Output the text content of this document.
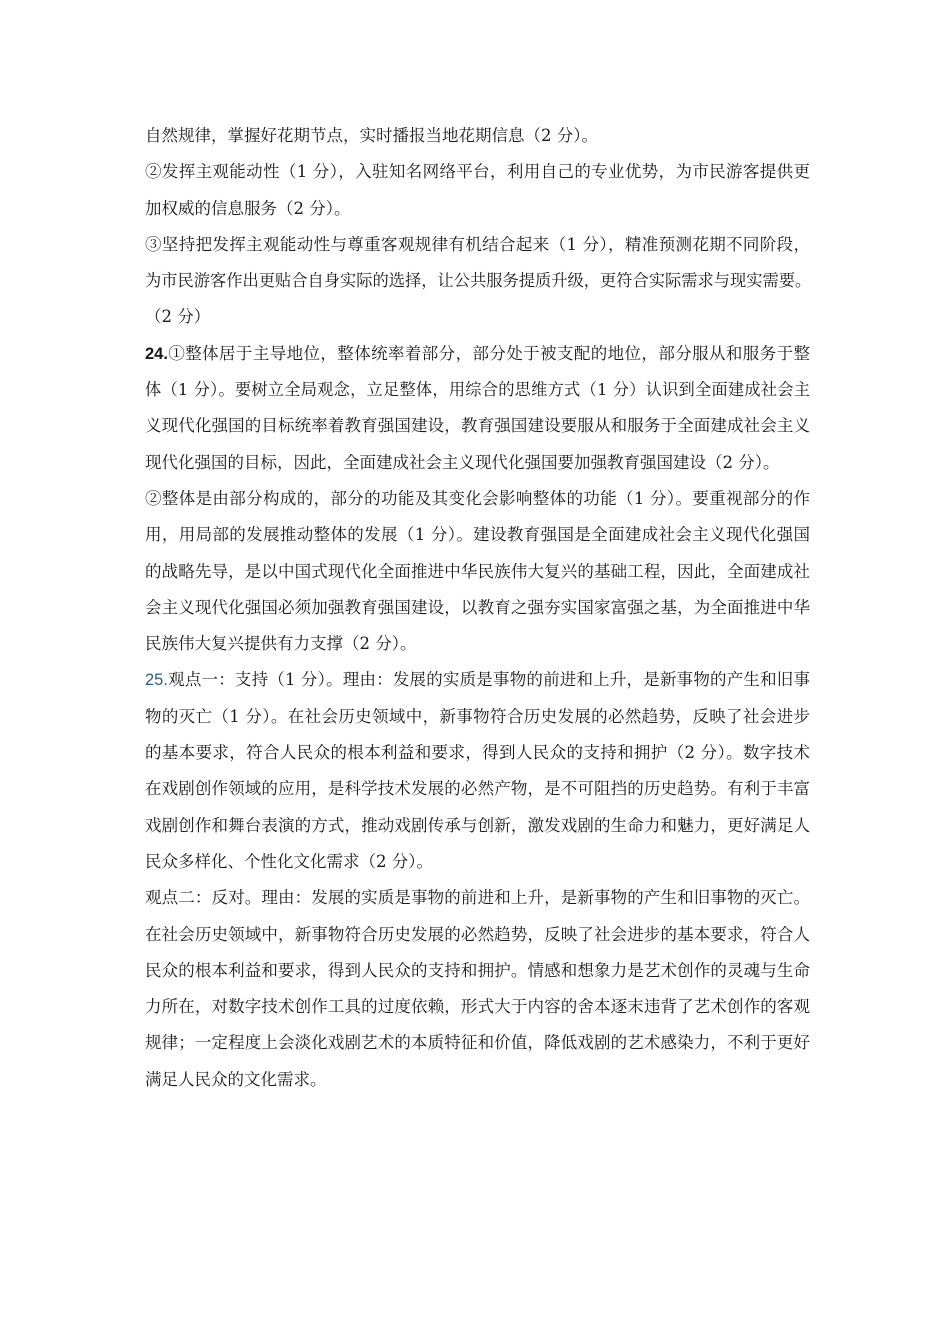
自然规律，掌握好花期节点，实时播报当地花期信息（2 分）。
②发挥主观能动性（1 分），入驻知名网络平台，利用自己的专业优势，为市民游客提供更
加权威的信息服务（2 分）。
③坚持把发挥主观能动性与尊重客观规律有机结合起来（1 分），精准预测花期不同阶段，
为市民游客作出更贴合自身实际的选择，让公共服务提质升级，更符合实际需求与现实需要。
（2 分）
24.①整体居于主导地位，整体统率着部分，部分处于被支配的地位，部分服从和服务于整
体（1 分）。要树立全局观念，立足整体，用综合的思维方式（1 分）认识到全面建成社会主
义现代化强国的目标统率着教育强国建设，教育强国建设要服从和服务于全面建成社会主义
现代化强国的目标，因此，全面建成社会主义现代化强国要加强教育强国建设（2 分）。
②整体是由部分构成的，部分的功能及其变化会影响整体的功能（1 分）。要重视部分的作
用，用局部的发展推动整体的发展（1 分）。建设教育强国是全面建成社会主义现代化强国
的战略先导，是以中国式现代化全面推进中华民族伟大复兴的基础工程，因此，全面建成社
会主义现代化强国必须加强教育强国建设，以教育之强夯实国家富强之基，为全面推进中华
民族伟大复兴提供有力支撑（2 分）。
25.观点一：支持（1 分）。理由：发展的实质是事物的前进和上升，是新事物的产生和旧事
物的灭亡（1 分）。在社会历史领域中，新事物符合历史发展的必然趋势，反映了社会进步
的基本要求，符合人民众的根本利益和要求，得到人民众的支持和拥护（2 分）。数字技术
在戏剧创作领域的应用，是科学技术发展的必然产物，是不可阻挡的历史趋势。有利于丰富
戏剧创作和舞台表演的方式，推动戏剧传承与创新，激发戏剧的生命力和魅力，更好满足人
民众多样化、个性化文化需求（2 分）。
观点二：反对。理由：发展的实质是事物的前进和上升，是新事物的产生和旧事物的灭亡。
在社会历史领域中，新事物符合历史发展的必然趋势，反映了社会进步的基本要求，符合人
民众的根本利益和要求，得到人民众的支持和拥护。情感和想象力是艺术创作的灵魂与生命
力所在，对数字技术创作工具的过度依赖，形式大于内容的舍本逐末违背了艺术创作的客观
规律；一定程度上会淡化戏剧艺术的本质特征和价值，降低戏剧的艺术感染力，不利于更好
满足人民众的文化需求。
